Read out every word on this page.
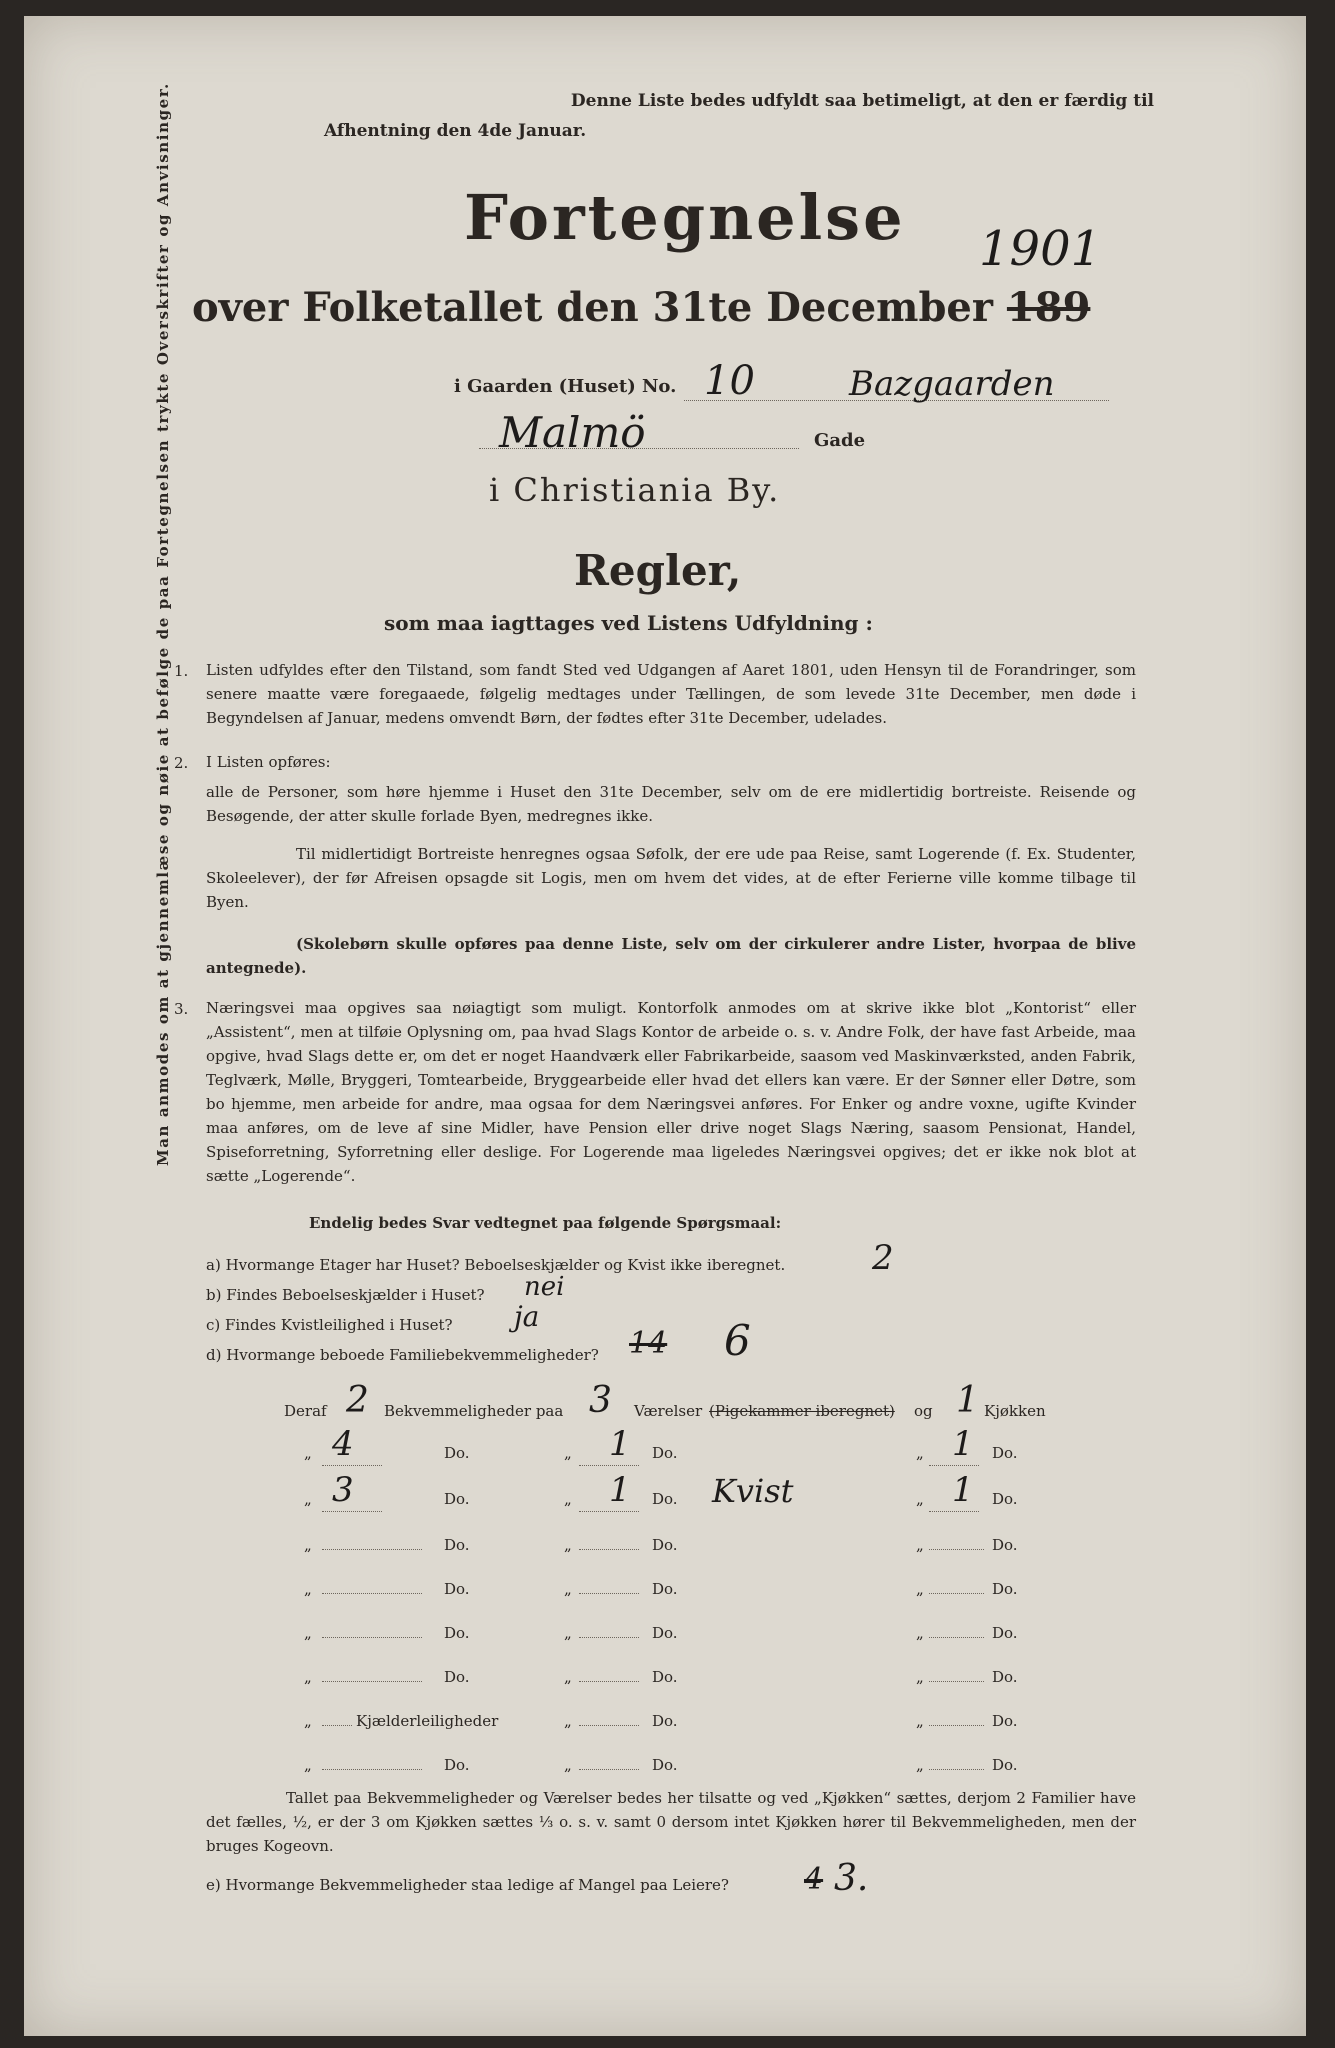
Man anmodes om at gjennemlæse og nøie at befølge de paa Fortegnelsen trykte Overskrifter og Anvisninger.	Denne Liste bedes udfyldt saa betimeligt, at den er færdig til
Afhentning den 4de Januar.
Fortegnelse 1901
over Folketallet den 31te December 189
i Gaarden (Huset) No. 10	Bazgaarden
Malmö	Gade
i Christiania By.
Regler,
som maa iagttages ved Listens Udfyldning :
1. Listen udfyldes efter den Tilstand, som fandt Sted ved Udgangen af Aaret 1801, uden Hensyn til de Forandringer, som senere maatte være foregaaede, følgelig medtages under Tællingen, de som levede 31te December, men døde i Begyndelsen af Januar, medens omvendt Børn, der fødtes efter 31te December, udelades.
2. I Listen opføres:
alle de Personer, som høre hjemme i Huset den 31te December, selv om de ere midlertidig bortreiste. Reisende og Besøgende, der atter skulle forlade Byen, medregnes ikke.
Til midlertidigt Bortreiste henregnes ogsaa Søfolk, der ere ude paa Reise, samt Logerende (f. Ex. Studenter, Skoleelever), der før Afreisen opsagde sit Logis, men om hvem det vides, at de efter Ferierne ville komme tilbage til Byen.
(Skolebørn skulle opføres paa denne Liste, selv om der cirkulerer andre Lister, hvorpaa de blive antegnede).
3. Næringsvei maa opgives saa nøiagtigt som muligt. Kontorfolk anmodes om at skrive ikke blot „Kontorist“ eller „Assistent“, men at tilføie Oplysning om, paa hvad Slags Kontor de arbeide o. s. v. Andre Folk, der have fast Arbeide, maa opgive, hvad Slags dette er, om det er noget Haandværk eller Fabrikarbeide, saasom ved Maskinværksted, anden Fabrik, Teglværk, Mølle, Bryggeri, Tomtearbeide, Bryggearbeide eller hvad det ellers kan være. Er der Sønner eller Døtre, som bo hjemme, men arbeide for andre, maa ogsaa for dem Næringsvei anføres. For Enker og andre voxne, ugifte Kvinder maa anføres, om de leve af sine Midler, have Pension eller drive noget Slags Næring, saasom Pensionat, Handel, Spiseforretning, Syforretning eller deslige. For Logerende maa ligeledes Næringsvei opgives; det er ikke nok blot at sætte „Logerende“.
Endelig bedes Svar vedtegnet paa følgende Spørgsmaal:
a) Hvormange Etager har Huset? Beboelseskjælder og Kvist ikke iberegnet.	2
b) Findes Beboelseskjælder i Huset? nei
c) Findes Kvistleilighed i Huset? ja
d) Hvormange beboede Familiebekvemmeligheder? 14 6
Deraf 2 Bekvemmeligheder paa 3 Værelser (Pigekammer iberegnet) og 1 Kjøkken
„ 4	Do.	„ 1 Do.	„ 1 Do.
„ 3	Do.	„ 1 Do. Kvist	„ 1 Do.
„	Do.	„	Do.	„	Do.
„	Do.	„	Do.	„	Do.
„	Do.	„	Do.	„	Do.
„	Do.	„	Do.	„	Do.
„	Kjælderleiligheder	„	Do.	„	Do.
„	Do.	„	Do.	„	Do.
Tallet paa Bekvemmeligheder og Værelser bedes her tilsatte og ved „Kjøkken“ sættes, derjom 2 Familier have det fælles, ½, er der 3 om Kjøkken sættes ⅓ o. s. v. samt 0 dersom intet Kjøkken hører til Bekvemmeligheden, men der bruges Kogeovn.
e) Hvormange Bekvemmeligheder staa ledige af Mangel paa Leiere?	4 3.
